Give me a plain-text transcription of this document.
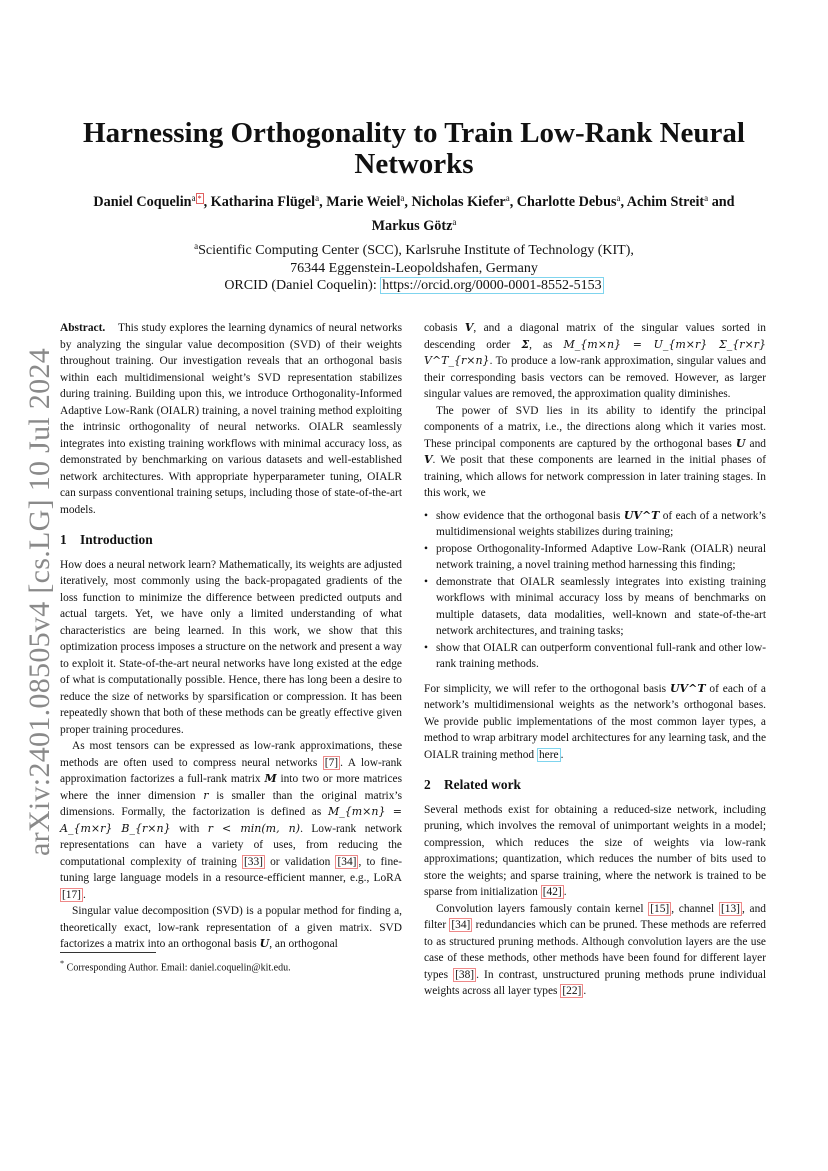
arXiv:2401.08505v4 [cs.LG] 10 Jul 2024
Harnessing Orthogonality to Train Low-Rank Neural Networks
Daniel Coquelin$^a$ * , Katharina Flügel$^a$, Marie Weiel$^a$, Nicholas Kiefer$^a$, Charlotte Debus$^a$, Achim Streit$^a$ and
Markus Götz$^a$
$^a$Scientific Computing Center (SCC), Karlsruhe Institute of Technology (KIT),
76344 Eggenstein-Leopoldshafen, Germany
ORCID (Daniel Coquelin): https://orcid.org/0000-0001-8552-5153

Abstract. This study explores the learning dynamics of neural networks by analyzing the singular value decomposition (SVD) of their weights throughout training. Our investigation reveals that an orthogonal basis within each multidimensional weight’s SVD representation stabilizes during training. Building upon this, we introduce Orthogonality-Informed Adaptive Low-Rank (OIALR) training, a novel training method exploiting the intrinsic orthogonality of neural networks. OIALR seamlessly integrates into existing training workflows with minimal accuracy loss, as demonstrated by benchmarking on various datasets and well-established network architectures. With appropriate hyperparameter tuning, OIALR can surpass conventional training setups, including those of state-of-the-art models.

1 Introduction

How does a neural network learn? Mathematically, its weights are adjusted iteratively, most commonly using the back-propagated gradients of the loss function to minimize the difference between predicted outputs and actual targets. Yet, we have only a limited understanding of what characteristics are being learned. In this work, we show that this optimization process imposes a structure on the network and present a way to exploit it. State-of-the-art neural networks have long existed at the edge of what is computationally possible. Hence, there has long been a desire to reduce the size of networks by sparsification or compression. It has been repeatedly shown that both of these methods can be greatly effective given proper training procedures.

As most tensors can be expressed as low-rank approximations, these methods are often used to compress neural networks [7] . A low-rank approximation factorizes a full-rank matrix M into two or more matrices where the inner dimension r is smaller than the original matrix’s dimensions. Formally, the factorization is defined as M_{m×n} = A_{m×r} B_{r×n} with r < min(m, n). Low-rank network representations can have a variety of uses, from reducing the computational complexity of training [33] or validation [34] , to fine-tuning large language models in a resource-efficient manner, e.g., LoRA [17] .

Singular value decomposition (SVD) is a popular method for finding a, theoretically exact, low-rank representation of a given matrix. SVD factorizes a matrix into an orthogonal basis U, an orthogonal

* Corresponding Author. Email: daniel.coquelin@kit.edu.

cobasis V, and a diagonal matrix of the singular values sorted in descending order Σ, as M_{m×n} = U_{m×r} Σ_{r×r} V^T_{r×n}. To produce a low-rank approximation, singular values and their corresponding basis vectors can be removed. However, as larger singular values are removed, the approximation quality diminishes.

The power of SVD lies in its ability to identify the principal components of a matrix, i.e., the directions along which it varies most. These principal components are captured by the orthogonal bases U and V. We posit that these components are learned in the initial phases of training, which allows for network compression in later training stages. In this work, we

• show evidence that the orthogonal basis UV^T of each of a network’s multidimensional weights stabilizes during training;
• propose Orthogonality-Informed Adaptive Low-Rank (OIALR) neural network training, a novel training method harnessing this finding;
• demonstrate that OIALR seamlessly integrates into existing training workflows with minimal accuracy loss by means of benchmarks on multiple datasets, data modalities, well-known and state-of-the-art network architectures, and training tasks;
• show that OIALR can outperform conventional full-rank and other low-rank training methods.

For simplicity, we will refer to the orthogonal basis UV^T of each of a network’s multidimensional weights as the network’s orthogonal bases. We provide public implementations of the most common layer types, a method to wrap arbitrary model architectures for any learning task, and the OIALR training method here .

2 Related work

Several methods exist for obtaining a reduced-size network, including pruning, which involves the removal of unimportant weights in a model; compression, which reduces the size of weights via low-rank approximations; quantization, which reduces the number of bits used to store the weights; and sparse training, where the network is trained to be sparse from initialization [42] .

Convolution layers famously contain kernel [15] , channel [13] , and filter [34] redundancies which can be pruned. These methods are referred to as structured pruning methods. Although convolution layers are the use case of these methods, other methods have been found for different layer types [38] . In contrast, unstructured pruning methods prune individual weights across all layer types [22] .
